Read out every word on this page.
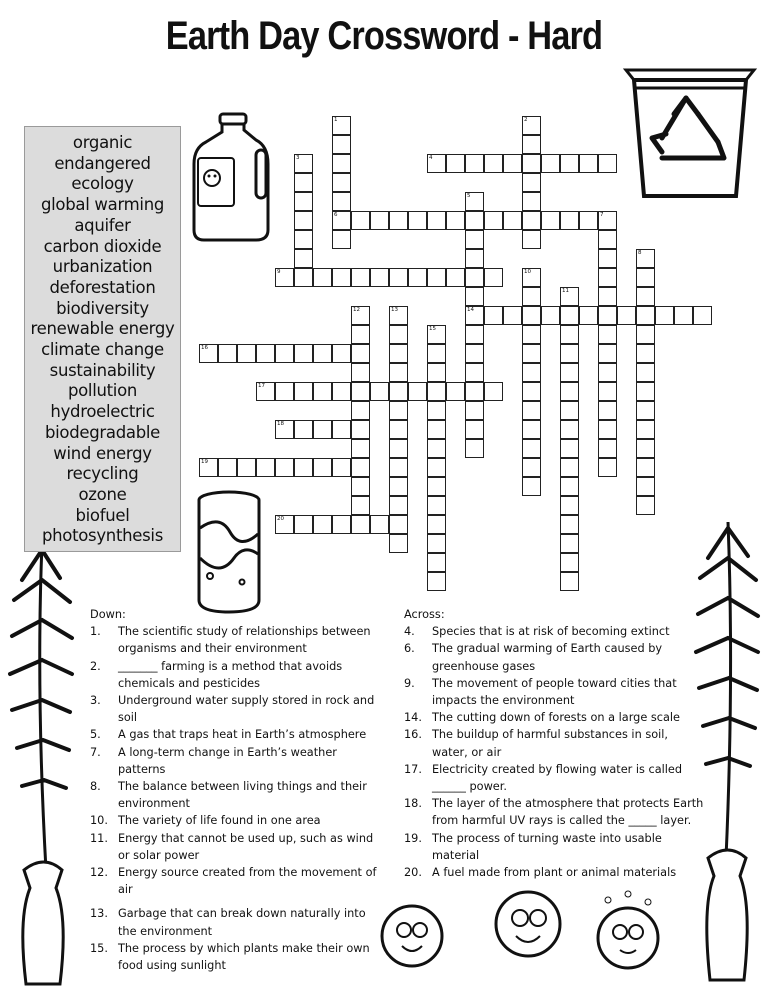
Earth Day Crossword - Hard
organic
endangered
ecology
global warming
aquifer
carbon dioxide
urbanization
deforestation
biodiversity
renewable energy
climate change
sustainability
pollution
hydroelectric
biodegradable
wind energy
recycling
ozone
biofuel
photosynthesis
1
6
2
3
5
14
7
8
10
11
12	13
15
4
9
16
17
18
19
20
Down:
1. The scientific study of relationships between organisms and their environment
2. _______ farming is a method that avoids chemicals and pesticides
3. Underground water supply stored in rock and soil
5. A gas that traps heat in Earth’s atmosphere
7. A long-term change in Earth’s weather patterns
8. The balance between living things and their environment
10. The variety of life found in one area
11. Energy that cannot be used up, such as wind or solar power
12. Energy source created from the movement of air
13. Garbage that can break down naturally into the environment
15. The process by which plants make their own food using sunlight
Across:
4. Species that is at risk of becoming extinct
6. The gradual warming of Earth caused by greenhouse gases
9. The movement of people toward cities that impacts the environment
14. The cutting down of forests on a large scale
16. The buildup of harmful substances in soil, water, or air
17. Electricity created by flowing water is called ______ power.
18. The layer of the atmosphere that protects Earth from harmful UV rays is called the _____ layer.
19. The process of turning waste into usable material
20. A fuel made from plant or animal materials
